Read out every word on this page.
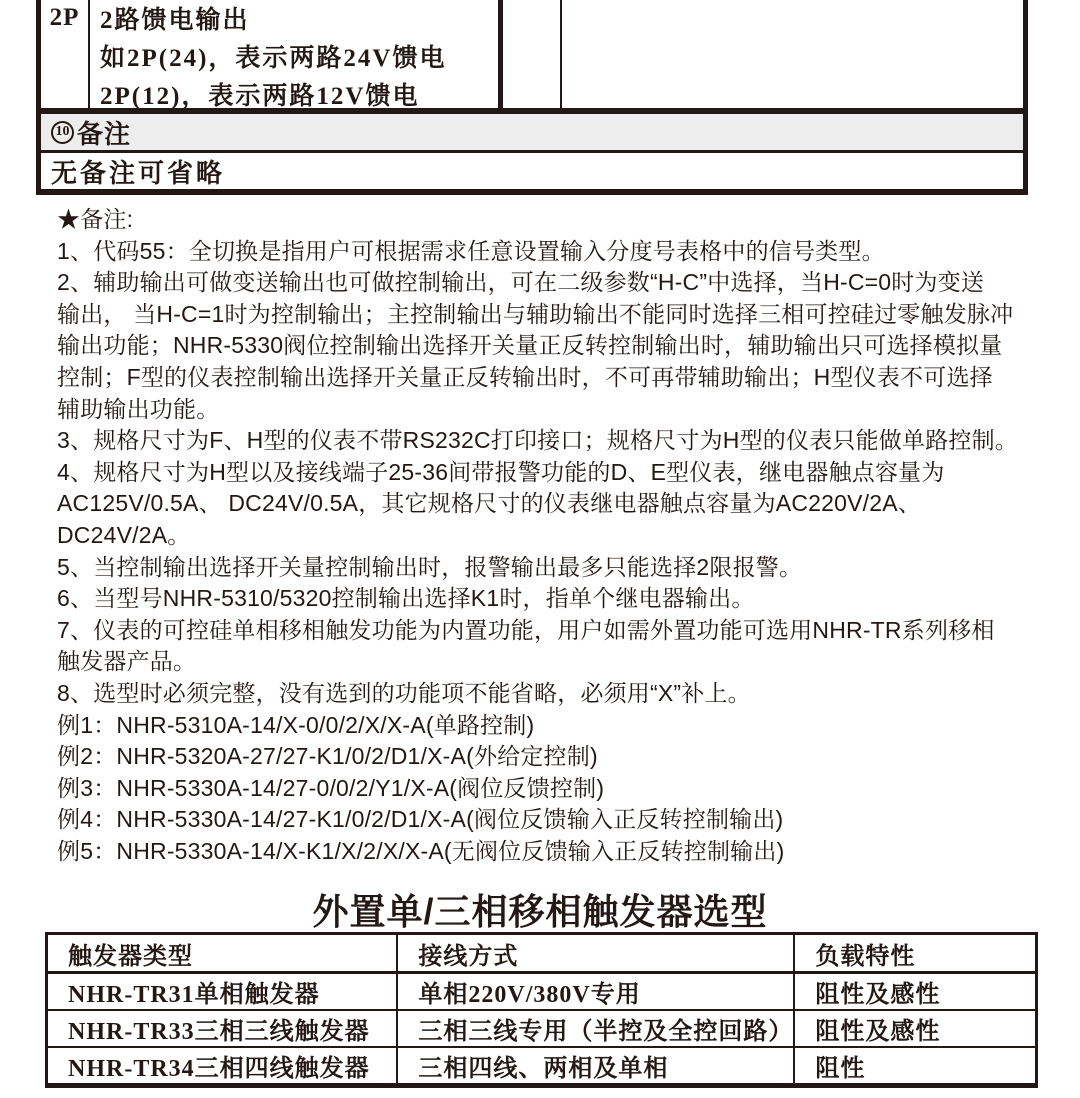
2P 2路馈电输出
如2P(24)，表示两路24V馈电
2P(12)，表示两路12V馈电
10 备注
无备注可省略
★备注:
1、代码55：全切换是指用户可根据需求任意设置输入分度号表格中的信号类型。
2、辅助输出可做变送输出也可做控制输出，可在二级参数“H-C”中选择，当H-C=0时为变送
输出， 当H-C=1时为控制输出；主控制输出与辅助输出不能同时选择三相可控硅过零触发脉冲
输出功能；NHR-5330阀位控制输出选择开关量正反转控制输出时，辅助输出只可选择模拟量
控制；F型的仪表控制输出选择开关量正反转输出时，不可再带辅助输出；H型仪表不可选择
辅助输出功能。
3、规格尺寸为F、H型的仪表不带RS232C打印接口；规格尺寸为H型的仪表只能做单路控制。
4、规格尺寸为H型以及接线端子25-36间带报警功能的D、E型仪表，继电器触点容量为
AC125V/0.5A、 DC24V/0.5A，其它规格尺寸的仪表继电器触点容量为AC220V/2A、
DC24V/2A。
5、当控制输出选择开关量控制输出时，报警输出最多只能选择2限报警。
6、当型号NHR-5310/5320控制输出选择K1时，指单个继电器输出。
7、仪表的可控硅单相移相触发功能为内置功能，用户如需外置功能可选用NHR-TR系列移相
触发器产品。
8、选型时必须完整，没有选到的功能项不能省略，必须用“X”补上。
例1：NHR-5310A-14/X-0/0/2/X/X-A(单路控制)
例2：NHR-5320A-27/27-K1/0/2/D1/X-A(外给定控制)
例3：NHR-5330A-14/27-0/0/2/Y1/X-A(阀位反馈控制)
例4：NHR-5330A-14/27-K1/0/2/D1/X-A(阀位反馈输入正反转控制输出)
例5：NHR-5330A-14/X-K1/X/2/X/X-A(无阀位反馈输入正反转控制输出)
外置单/三相移相触发器选型
触发器类型	接线方式	负载特性
NHR-TR31单相触发器	单相220V/380V专用	阻性及感性
NHR-TR33三相三线触发器	三相三线专用（半控及全控回路）	阻性及感性
NHR-TR34三相四线触发器	三相四线、两相及单相	阻性
